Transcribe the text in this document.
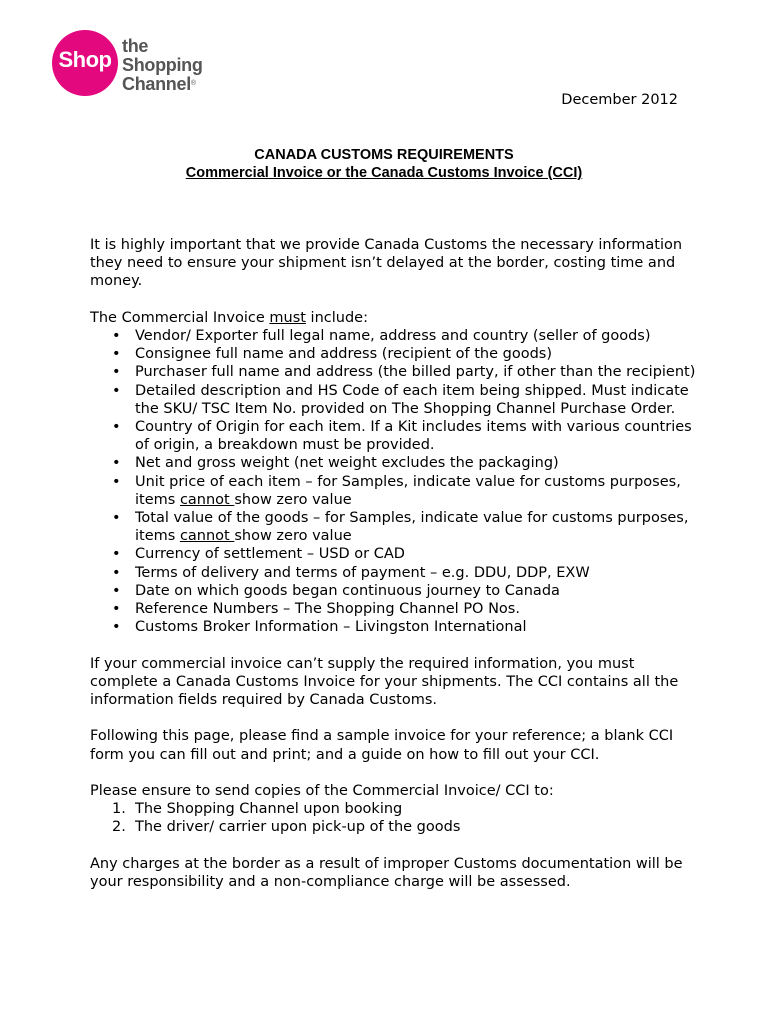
Shop
the
Shopping
Channel®
December 2012
CANADA CUSTOMS REQUIREMENTS
Commercial Invoice or the Canada Customs Invoice (CCI)

It is highly important that we provide Canada Customs the necessary information they need to ensure your shipment isn’t delayed at the border, costing time and money.

The Commercial Invoice must include:
• Vendor/ Exporter full legal name, address and country (seller of goods)
• Consignee full name and address (recipient of the goods)
• Purchaser full name and address (the billed party, if other than the recipient)
• Detailed description and HS Code of each item being shipped. Must indicate the SKU/ TSC Item No. provided on The Shopping Channel Purchase Order.
• Country of Origin for each item. If a Kit includes items with various countries of origin, a breakdown must be provided.
• Net and gross weight (net weight excludes the packaging)
• Unit price of each item – for Samples, indicate value for customs purposes, items cannot show zero value
• Total value of the goods – for Samples, indicate value for customs purposes, items cannot show zero value
• Currency of settlement – USD or CAD
• Terms of delivery and terms of payment – e.g. DDU, DDP, EXW
• Date on which goods began continuous journey to Canada
• Reference Numbers – The Shopping Channel PO Nos.
• Customs Broker Information – Livingston International

If your commercial invoice can’t supply the required information, you must complete a Canada Customs Invoice for your shipments. The CCI contains all the information fields required by Canada Customs.

Following this page, please find a sample invoice for your reference; a blank CCI form you can fill out and print; and a guide on how to fill out your CCI.

Please ensure to send copies of the Commercial Invoice/ CCI to:
1. The Shopping Channel upon booking
2. The driver/ carrier upon pick-up of the goods

Any charges at the border as a result of improper Customs documentation will be your responsibility and a non-compliance charge will be assessed.
